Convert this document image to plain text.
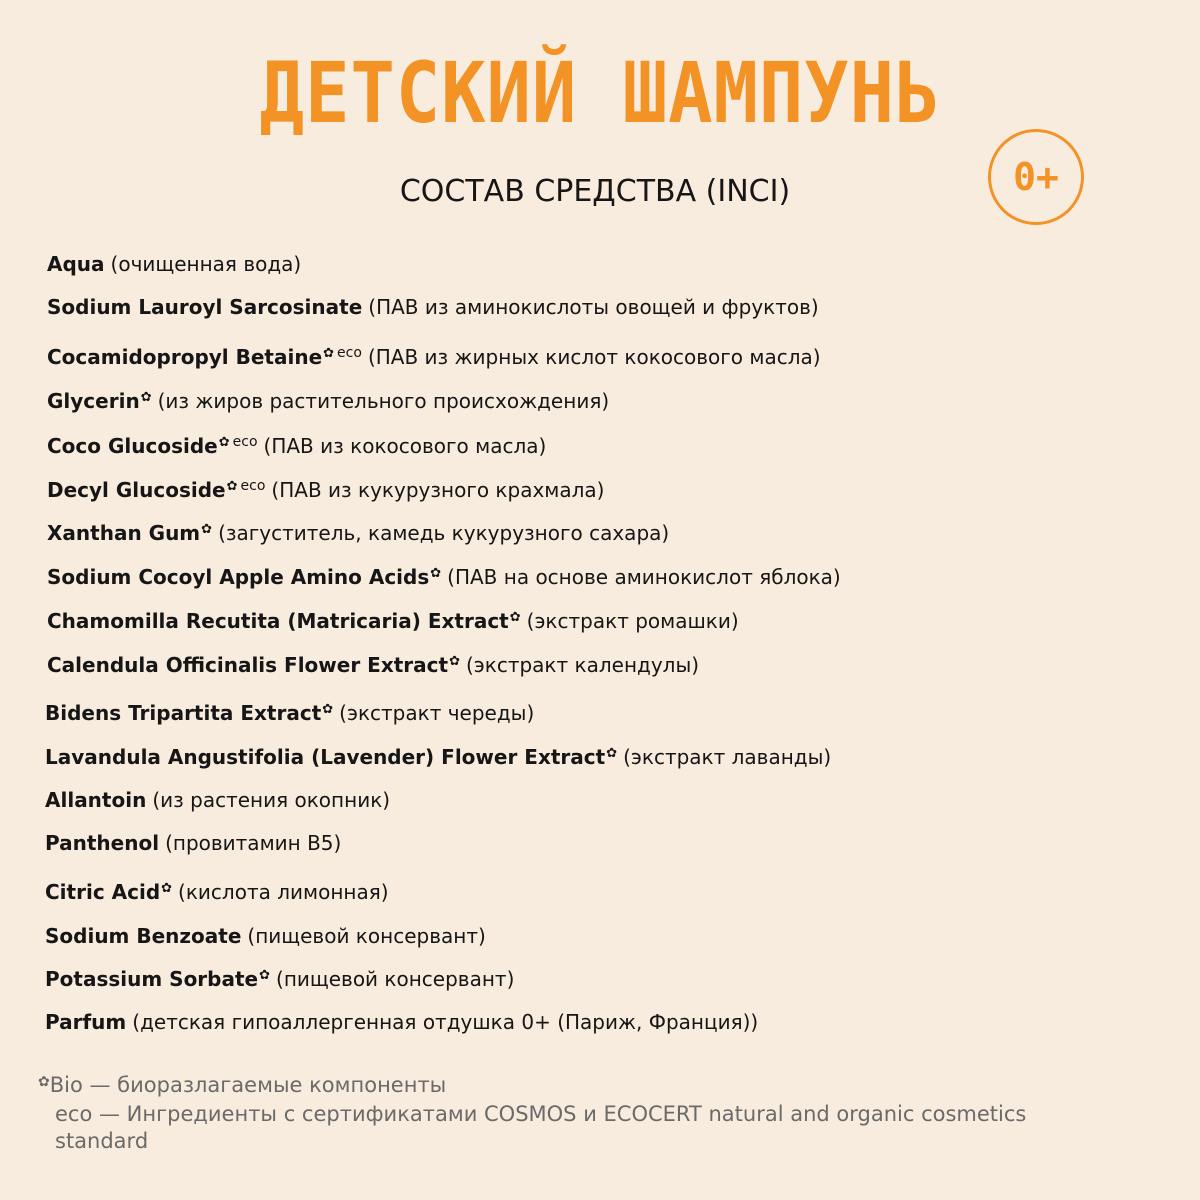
ДЕТСКИЙ ШАМПУНЬ
0+
СОСТАВ СРЕДСТВА (INCI)
Aqua (очищенная вода)
Sodium Lauroyl Sarcosinate (ПАВ из аминокислоты овощей и фруктов)
Cocamidopropyl Betaine✿ $^{eco}$ (ПАВ из жирных кислот кокосового масла)
Glycerin✿ (из жиров растительного происхождения)
Coco Glucoside✿ $^{eco}$ (ПАВ из кокосового масла)
Decyl Glucoside✿ $^{eco}$ (ПАВ из кукурузного крахмала)
Xanthan Gum✿ (загуститель, камедь кукурузного сахара)
Sodium Cocoyl Apple Amino Acids✿ (ПАВ на основе аминокислот яблока)
Chamomilla Recutita (Matricaria) Extract✿ (экстракт ромашки)
Calendula Officinalis Flower Extract✿ (экстракт календулы)
Bidens Tripartita Extract✿ (экстракт череды)
Lavandula Angustifolia (Lavender) Flower Extract✿ (экстракт лаванды)
Allantoin (из растения окопник)
Panthenol (провитамин B5)
Citric Acid✿ (кислота лимонная)
Sodium Benzoate (пищевой консервант)
Potassium Sorbate✿ (пищевой консервант)
Parfum (детская гипоаллергенная отдушка 0+ (Париж, Франция))
✿Bio — биоразлагаемые компоненты
eco — Ингредиенты с сертификатами COSMOS и ECOCERT natural and organic cosmetics standard
